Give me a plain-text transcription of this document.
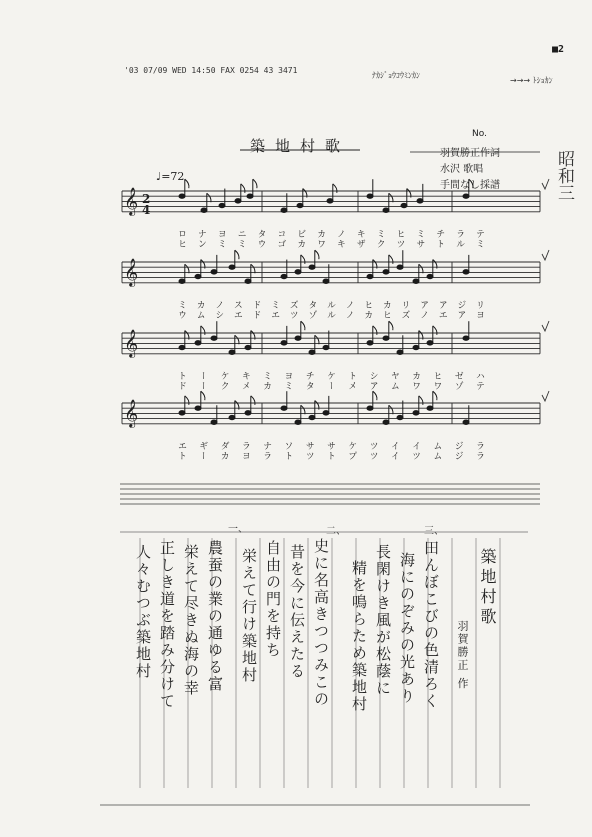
'03 07/09 WED 14:50 FAX 0254 43 3471
ﾅｶｼﾞｮｳｺｳﾐﾝｶﾝ
→→→ ﾄｼｮｶﾝ
■2
築地村歌
No.
羽賀勝正作詞
水沢 歌唱
手間なし採譜	昭和三
♩=72
𝄞
𝄞
𝄞
𝄞
2
4
ロヒ ナン ヨミ ニミ タウ コゴ ビカ カワ ノキ キザ ミク ヒツ ミサ チト ラル テミ
ミウ カム ノシ スエ ドド ミエ ズツ タゾ ルル ノノ ヒカ カヒ リズ アノ アエ ジア リヨ
トド ーー ケク キメ ミカ ヨミ チタ ケー トメ シア ヤム カワ ヒワ ゼゾ ハテ
エト ギー ダカ ラヨ ナラ ソト サツ サト ケプ ツツ イイ イツ ムム ジジ ララ
一、	二、	三、
築地村歌
羽賀勝正 作
田んぼこびの色清ろく
海にのぞみの光あり
長閑けき風が松蔭に
精を鳴らため築地村
史に名高きつつみこの
昔を今に伝えたる
自由の門を持ち
栄えて行け築地村
農蚕の業の通ゆる富
栄えて尽きぬ海の幸
正しき道を踏み分けて
人々むつぶ築地村
